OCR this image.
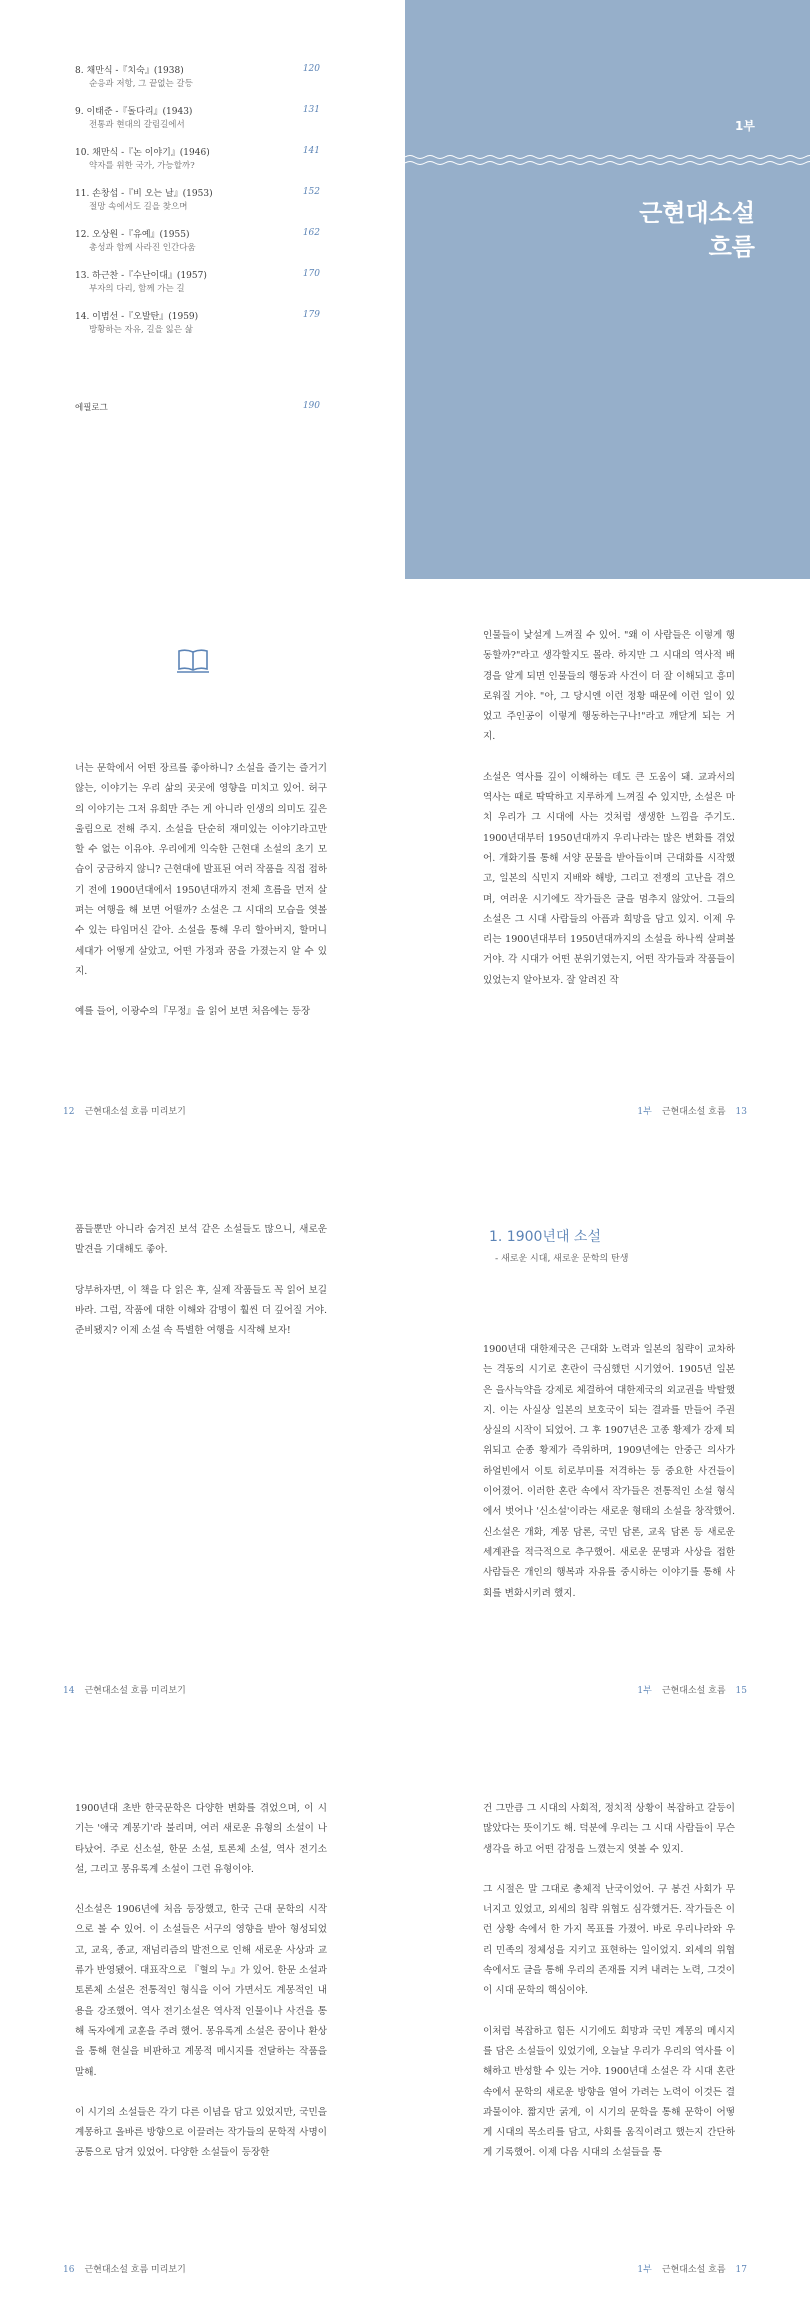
8. 채만식 -『치숙』(1938)
순응과 저항, 그 끝없는 갈등
120
9. 이태준 -『돌다리』(1943)
전통과 현대의 갈림길에서
131
10. 채만식 -『논 이야기』(1946)
약자를 위한 국가, 가능할까?
141
11. 손창섭 -『비 오는 날』(1953)
절망 속에서도 길을 찾으며
152
12. 오상원 -『유예』(1955)
총성과 함께 사라진 인간다움
162
13. 하근찬 -『수난이대』(1957)
부자의 다리, 함께 가는 길
170
14. 이범선 -『오발탄』(1959)
방황하는 자유, 길을 잃은 삶
179
에필로그	190
1부
근현대소설
흐름

너는 문학에서 어떤 장르를 좋아하니? 소설을 즐기는 즐거기 않는, 이야기는 우리 삶의 곳곳에 영향을 미치고 있어. 허구의 이야기는 그저 유희만 주는 게 아니라 인생의 의미도 깊은 울림으로 전해 주지. 소설을 단순히 재미있는 이야기라고만 할 수 없는 이유야. 우리에게 익숙한 근현대 소설의 초기 모습이 궁금하지 않니? 근현대에 발표된 여러 작품을 직접 접하기 전에 1900년대에서 1950년대까지 전체 흐름을 먼저 살펴는 여행을 해 보면 어떨까? 소설은 그 시대의 모습을 엿볼 수 있는 타임머신 같아. 소설을 통해 우리 할아버지, 할머니 세대가 어떻게 살았고, 어떤 가정과 꿈을 가졌는지 알 수 있지.

예를 들어, 이광수의『무정』을 읽어 보면 처음에는 등장

12 근현대소설 흐름 미리보기

인물들이 낯설게 느껴질 수 있어. "왜 이 사람들은 이렇게 행동할까?"라고 생각할지도 몰라. 하지만 그 시대의 역사적 배경을 알게 되면 인물들의 행동과 사건이 더 잘 이해되고 흥미로워질 거야. "아, 그 당시엔 이런 정황 때문에 이런 일이 있었고 주인공이 이렇게 행동하는구나!"라고 깨닫게 되는 거지.

소설은 역사를 깊이 이해하는 데도 큰 도움이 돼. 교과서의 역사는 때로 딱딱하고 지루하게 느껴질 수 있지만, 소설은 마치 우리가 그 시대에 사는 것처럼 생생한 느낌을 주기도. 1900년대부터 1950년대까지 우리나라는 많은 변화를 겪었어. 개화기를 통해 서양 문물을 받아들이며 근대화를 시작했고, 일본의 식민지 지배와 해방, 그리고 전쟁의 고난을 겪으며, 여러운 시기에도 작가들은 글을 멈추지 않았어. 그들의 소설은 그 시대 사람들의 아픔과 희망을 담고 있지. 이제 우리는 1900년대부터 1950년대까지의 소설을 하나씩 살펴볼 거야. 각 시대가 어떤 분위기였는지, 어떤 작가들과 작품들이 있었는지 알아보자. 잘 알려진 작

1부 근현대소설 흐름 13

품들뿐만 아니라 숨겨진 보석 같은 소설들도 많으니, 새로운 발견을 기대해도 좋아.

당부하자면, 이 책을 다 읽은 후, 실제 작품들도 꼭 읽어 보길 바라. 그럼, 작품에 대한 이해와 감명이 훨씬 더 깊어질 거야. 준비됐지? 이제 소설 속 특별한 여행을 시작해 보자!

14 근현대소설 흐름 미리보기
1. 1900년대 소설
- 새로운 시대, 새로운 문학의 탄생

1900년대 대한제국은 근대화 노력과 일본의 침략이 교차하는 격동의 시기로 혼란이 극심했던 시기였어. 1905년 일본은 을사늑약을 강제로 체결하여 대한제국의 외교권을 박탈했지. 이는 사실상 일본의 보호국이 되는 결과를 만들어 주권 상실의 시작이 되었어. 그 후 1907년은 고종 황제가 강제 퇴위되고 순종 황제가 즉위하며, 1909년에는 안중근 의사가 하얼빈에서 이토 히로부미를 저격하는 등 중요한 사건들이 이어졌어. 이러한 혼란 속에서 작가들은 전통적인 소설 형식에서 벗어나 '신소설'이라는 새로운 형태의 소설을 창작했어. 신소설은 개화, 계몽 담론, 국민 담론, 교육 담론 등 새로운 세계관을 적극적으로 추구했어. 새로운 문명과 사상을 접한 사람들은 개인의 행복과 자유를 중시하는 이야기를 통해 사회를 변화시키려 했지.

1부 근현대소설 흐름 15

1900년대 초반 한국문학은 다양한 변화를 겪었으며, 이 시기는 '애국 계몽기'라 불리며, 여러 새로운 유형의 소설이 나타났어. 주로 신소설, 한문 소설, 토론체 소설, 역사 전기소설, 그리고 몽유록계 소설이 그런 유형이야.

신소설은 1906년에 처음 등장했고, 한국 근대 문학의 시작으로 볼 수 있어. 이 소설들은 서구의 영향을 받아 형성되었고, 교육, 종교, 재넘리즘의 발전으로 인해 새로운 사상과 교류가 반영됐어. 대표작으로 『혈의 누』가 있어. 한문 소설과 토론체 소설은 전통적인 형식을 이어 가면서도 계몽적인 내용을 강조했어. 역사 전기소설은 역사적 인물이나 사건을 통해 독자에게 교훈을 주려 했어. 몽유록계 소설은 꿈이나 환상을 통해 현실을 비판하고 계몽적 메시지를 전달하는 작품을 말해.

이 시기의 소설들은 각기 다른 이념을 담고 있었지만, 국민을 계몽하고 올바른 방향으로 이끌려는 작가들의 문학적 사명이 공통으로 담겨 있었어. 다양한 소설들이 등장한

16 근현대소설 흐름 미리보기

건 그만큼 그 시대의 사회적, 정치적 상황이 복잡하고 갈등이 많았다는 뜻이기도 해. 덕분에 우리는 그 시대 사람들이 무슨 생각을 하고 어떤 감정을 느꼈는지 엿볼 수 있지.

그 시절은 말 그대로 총체적 난국이었어. 구 봉건 사회가 무너지고 있었고, 외세의 침략 위협도 심각했거든. 작가들은 이런 상황 속에서 한 가지 목표를 가졌어. 바로 우리나라와 우리 민족의 정체성을 지키고 표현하는 일이었지. 외세의 위협 속에서도 글을 통해 우리의 존재를 지켜 내려는 노력, 그것이 이 시대 문학의 핵심이야.

이처럼 복잡하고 힘든 시기에도 희망과 국민 계몽의 메시지를 담은 소설들이 있었기에, 오늘날 우리가 우리의 역사를 이해하고 반성할 수 있는 거야. 1900년대 소설은 각 시대 혼란 속에서 문학의 새로운 방향을 열어 가려는 노력이 이것든 결과물이야. 짧지만 굵게, 이 시기의 문학을 통해 문학이 어떻게 시대의 목소리를 담고, 사회를 움직이려고 했는지 간단하게 기록했어. 이제 다음 시대의 소설들을 통

1부 근현대소설 흐름 17
